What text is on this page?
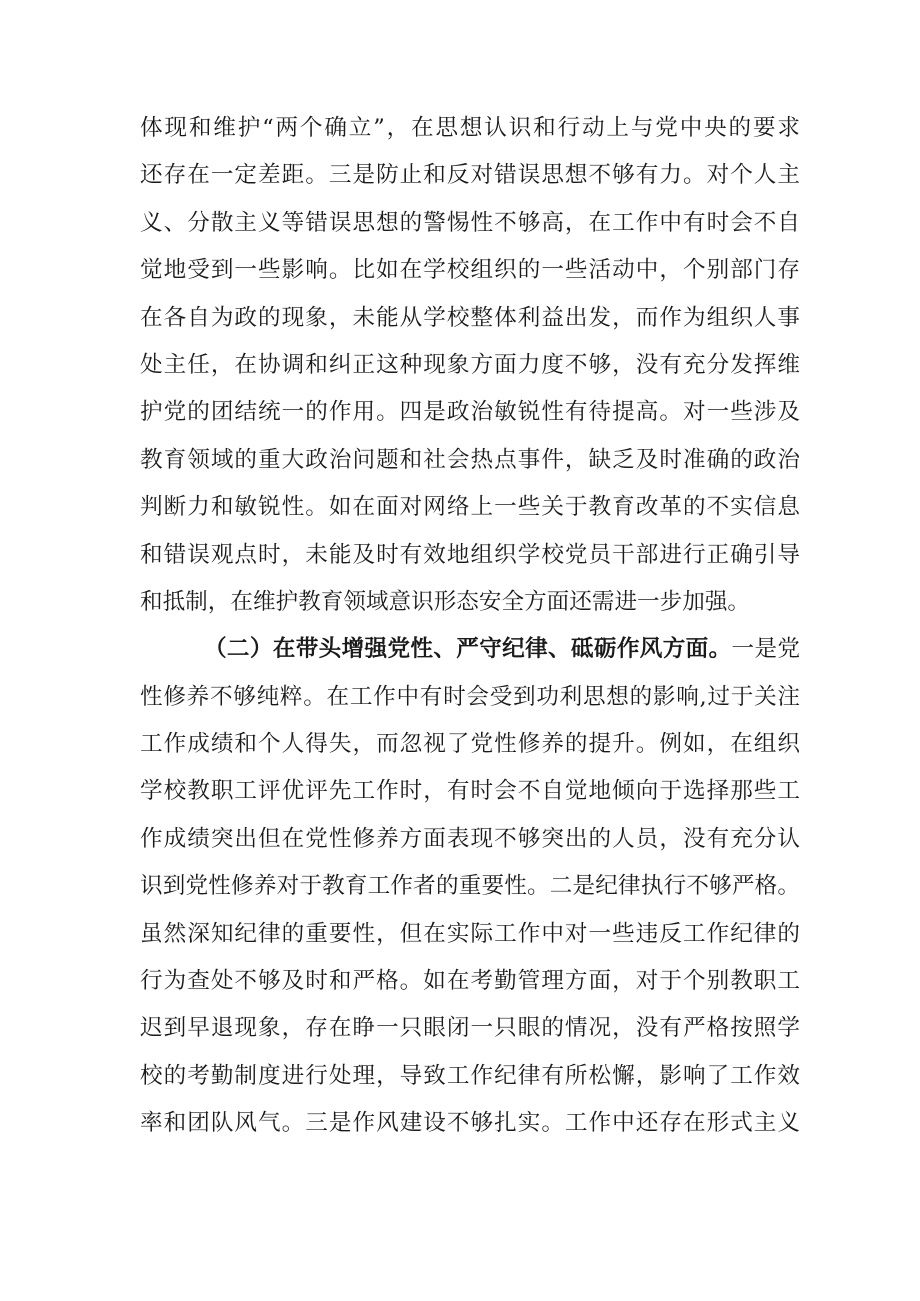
体现和维护“两个确立”，在思想认识和行动上与党中央的要求
还存在一定差距。三是防止和反对错误思想不够有力。对个人主
义、分散主义等错误思想的警惕性不够高，在工作中有时会不自
觉地受到一些影响。比如在学校组织的一些活动中，个别部门存
在各自为政的现象，未能从学校整体利益出发，而作为组织人事
处主任，在协调和纠正这种现象方面力度不够，没有充分发挥维
护党的团结统一的作用。四是政治敏锐性有待提高。对一些涉及
教育领域的重大政治问题和社会热点事件，缺乏及时准确的政治
判断力和敏锐性。如在面对网络上一些关于教育改革的不实信息
和错误观点时，未能及时有效地组织学校党员干部进行正确引导
和抵制，在维护教育领域意识形态安全方面还需进一步加强。
（二）在带头增强党性、严守纪律、砥砺作风方面。一是党
性修养不够纯粹。在工作中有时会受到功利思想的影响,过于关注
工作成绩和个人得失，而忽视了党性修养的提升。例如，在组织
学校教职工评优评先工作时，有时会不自觉地倾向于选择那些工
作成绩突出但在党性修养方面表现不够突出的人员，没有充分认
识到党性修养对于教育工作者的重要性。二是纪律执行不够严格。
虽然深知纪律的重要性，但在实际工作中对一些违反工作纪律的
行为查处不够及时和严格。如在考勤管理方面，对于个别教职工
迟到早退现象，存在睁一只眼闭一只眼的情况，没有严格按照学
校的考勤制度进行处理，导致工作纪律有所松懈，影响了工作效
率和团队风气。三是作风建设不够扎实。工作中还存在形式主义
